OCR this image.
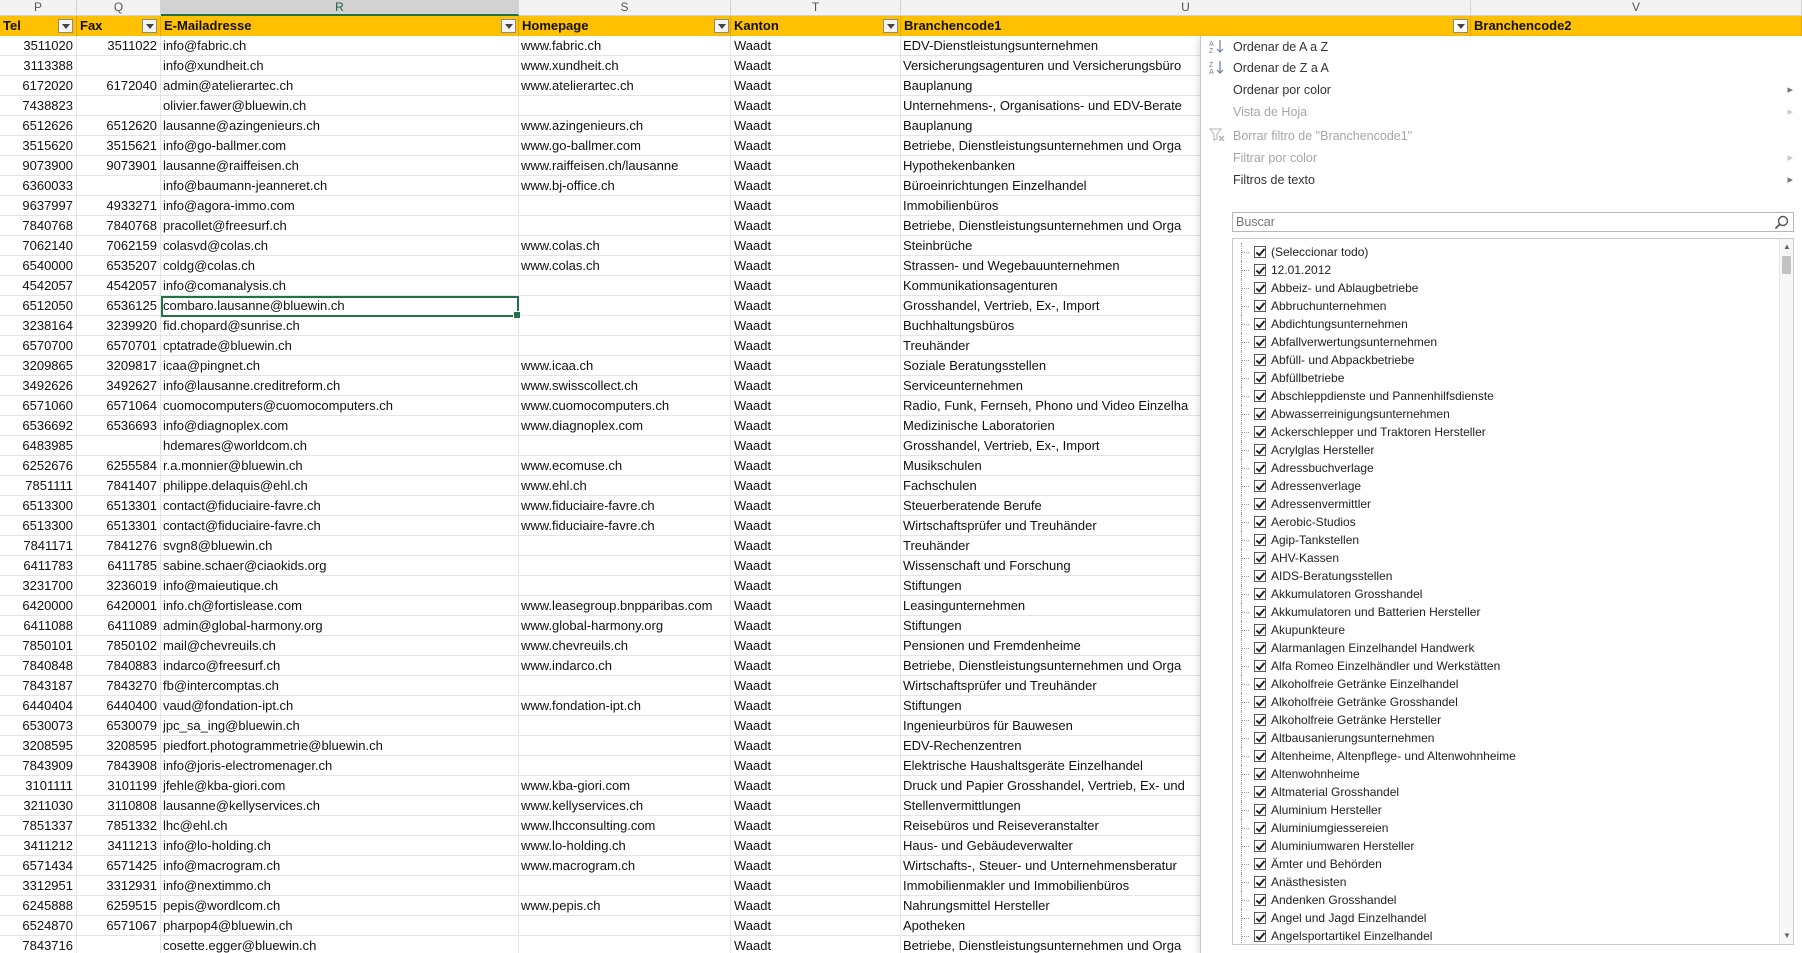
P	Q	R	S	T	U	V
Tel	Fax	E-Mailadresse	Homepage	Kanton	Branchencode1	Branchencode2
3511020	3511022 info@fabric.ch	www.fabric.ch	Waadt	EDV-Dienstleistungsunternehmen
3113388	info@xundheit.ch	www.xundheit.ch	Waadt	Versicherungsagenturen und Versicherungsbüro
6172020	6172040 admin@atelierartec.ch	www.atelierartec.ch	Waadt	Bauplanung
7438823	olivier.fawer@bluewin.ch	Waadt	Unternehmens-, Organisations- und EDV-Berate
6512626	6512620 lausanne@azingenieurs.ch	www.azingenieurs.ch	Waadt	Bauplanung
3515620	3515621 info@go-ballmer.com	www.go-ballmer.com	Waadt	Betriebe, Dienstleistungsunternehmen und Orga
9073900	9073901 lausanne@raiffeisen.ch	www.raiffeisen.ch/lausanne	Waadt	Hypothekenbanken
6360033	info@baumann-jeanneret.ch	www.bj-office.ch	Waadt	Büroeinrichtungen Einzelhandel
9637997	4933271 info@agora-immo.com	Waadt	Immobilienbüros
7840768	7840768 pracollet@freesurf.ch	Waadt	Betriebe, Dienstleistungsunternehmen und Orga
7062140	7062159 colasvd@colas.ch	www.colas.ch	Waadt	Steinbrüche
6540000	6535207 coldg@colas.ch	www.colas.ch	Waadt	Strassen- und Wegebauunternehmen
4542057	4542057 info@comanalysis.ch	Waadt	Kommunikationsagenturen
6512050	6536125 combaro.lausanne@bluewin.ch	Waadt	Grosshandel, Vertrieb, Ex-, Import
3238164	3239920 fid.chopard@sunrise.ch	Waadt	Buchhaltungsbüros
6570700	6570701 cptatrade@bluewin.ch	Waadt	Treuhänder
3209865	3209817 icaa@pingnet.ch	www.icaa.ch	Waadt	Soziale Beratungsstellen
3492626	3492627 info@lausanne.creditreform.ch	www.swisscollect.ch	Waadt	Serviceunternehmen
6571060	6571064 cuomocomputers@cuomocomputers.ch	www.cuomocomputers.ch	Waadt	Radio, Funk, Fernseh, Phono und Video Einzelha
6536692	6536693 info@diagnoplex.com	www.diagnoplex.com	Waadt	Medizinische Laboratorien
6483985	hdemares@worldcom.ch	Waadt	Grosshandel, Vertrieb, Ex-, Import
6252676	6255584 r.a.monnier@bluewin.ch	www.ecomuse.ch	Waadt	Musikschulen
7851111	7841407 philippe.delaquis@ehl.ch	www.ehl.ch	Waadt	Fachschulen
6513300	6513301 contact@fiduciaire-favre.ch	www.fiduciaire-favre.ch	Waadt	Steuerberatende Berufe
6513300	6513301 contact@fiduciaire-favre.ch	www.fiduciaire-favre.ch	Waadt	Wirtschaftsprüfer und Treuhänder
7841171	7841276 svgn8@bluewin.ch	Waadt	Treuhänder
6411783	6411785 sabine.schaer@ciaokids.org	Waadt	Wissenschaft und Forschung
3231700	3236019 info@maieutique.ch	Waadt	Stiftungen
6420000	6420001 info.ch@fortislease.com	www.leasegroup.bnpparibas.com	Waadt	Leasingunternehmen
6411088	6411089 admin@global-harmony.org	www.global-harmony.org	Waadt	Stiftungen
7850101	7850102 mail@chevreuils.ch	www.chevreuils.ch	Waadt	Pensionen und Fremdenheime
7840848	7840883 indarco@freesurf.ch	www.indarco.ch	Waadt	Betriebe, Dienstleistungsunternehmen und Orga
7843187	7843270 fb@intercomptas.ch	Waadt	Wirtschaftsprüfer und Treuhänder
6440404	6440400 vaud@fondation-ipt.ch	www.fondation-ipt.ch	Waadt	Stiftungen
6530073	6530079 jpc_sa_ing@bluewin.ch	Waadt	Ingenieurbüros für Bauwesen
3208595	3208595 piedfort.photogrammetrie@bluewin.ch	Waadt	EDV-Rechenzentren
7843909	7843908 info@joris-electromenager.ch	Waadt	Elektrische Haushaltsgeräte Einzelhandel
3101111	3101199 jfehle@kba-giori.com	www.kba-giori.com	Waadt	Druck und Papier Grosshandel, Vertrieb, Ex- und
3211030	3110808 lausanne@kellyservices.ch	www.kellyservices.ch	Waadt	Stellenvermittlungen
7851337	7851332 lhc@ehl.ch	www.lhcconsulting.com	Waadt	Reisebüros und Reiseveranstalter
3411212	3411213 info@lo-holding.ch	www.lo-holding.ch	Waadt	Haus- und Gebäudeverwalter
6571434	6571425 info@macrogram.ch	www.macrogram.ch	Waadt	Wirtschafts-, Steuer- und Unternehmensberatur
3312951	3312931 info@nextimmo.ch	Waadt	Immobilienmakler und Immobilienbüros
6245888	6259515 pepis@wordlcom.ch	www.pepis.ch	Waadt	Nahrungsmittel Hersteller
6524870	6571067 pharpop4@bluewin.ch	Waadt	Apotheken
7843716	cosette.egger@bluewin.ch	Waadt	Betriebe, Dienstleistungsunternehmen und Orga
A
Z Ordenar de A a Z
Z
A Ordenar de Z a A
Ordenar por color	▸
Vista de Hoja	▸
Borrar filtro de "Branchencode1"
Filtrar por color	▸
Filtros de texto	▸
Buscar
▲
▼
(Seleccionar todo)
12.01.2012
Abbeiz- und Ablaugbetriebe
Abbruchunternehmen
Abdichtungsunternehmen
Abfallverwertungsunternehmen
Abfüll- und Abpackbetriebe
Abfüllbetriebe
Abschleppdienste und Pannenhilfsdienste
Abwasserreinigungsunternehmen
Ackerschlepper und Traktoren Hersteller
Acrylglas Hersteller
Adressbuchverlage
Adressenverlage
Adressenvermittler
Aerobic-Studios
Agip-Tankstellen
AHV-Kassen
AIDS-Beratungsstellen
Akkumulatoren Grosshandel
Akkumulatoren und Batterien Hersteller
Akupunkteure
Alarmanlagen Einzelhandel Handwerk
Alfa Romeo Einzelhändler und Werkstätten
Alkoholfreie Getränke Einzelhandel
Alkoholfreie Getränke Grosshandel
Alkoholfreie Getränke Hersteller
Altbausanierungsunternehmen
Altenheime, Altenpflege- und Altenwohnheime
Altenwohnheime
Altmaterial Grosshandel
Aluminium Hersteller
Aluminiumgiessereien
Aluminiumwaren Hersteller
Ämter und Behörden
Anästhesisten
Andenken Grosshandel
Angel und Jagd Einzelhandel
Angelsportartikel Einzelhandel
